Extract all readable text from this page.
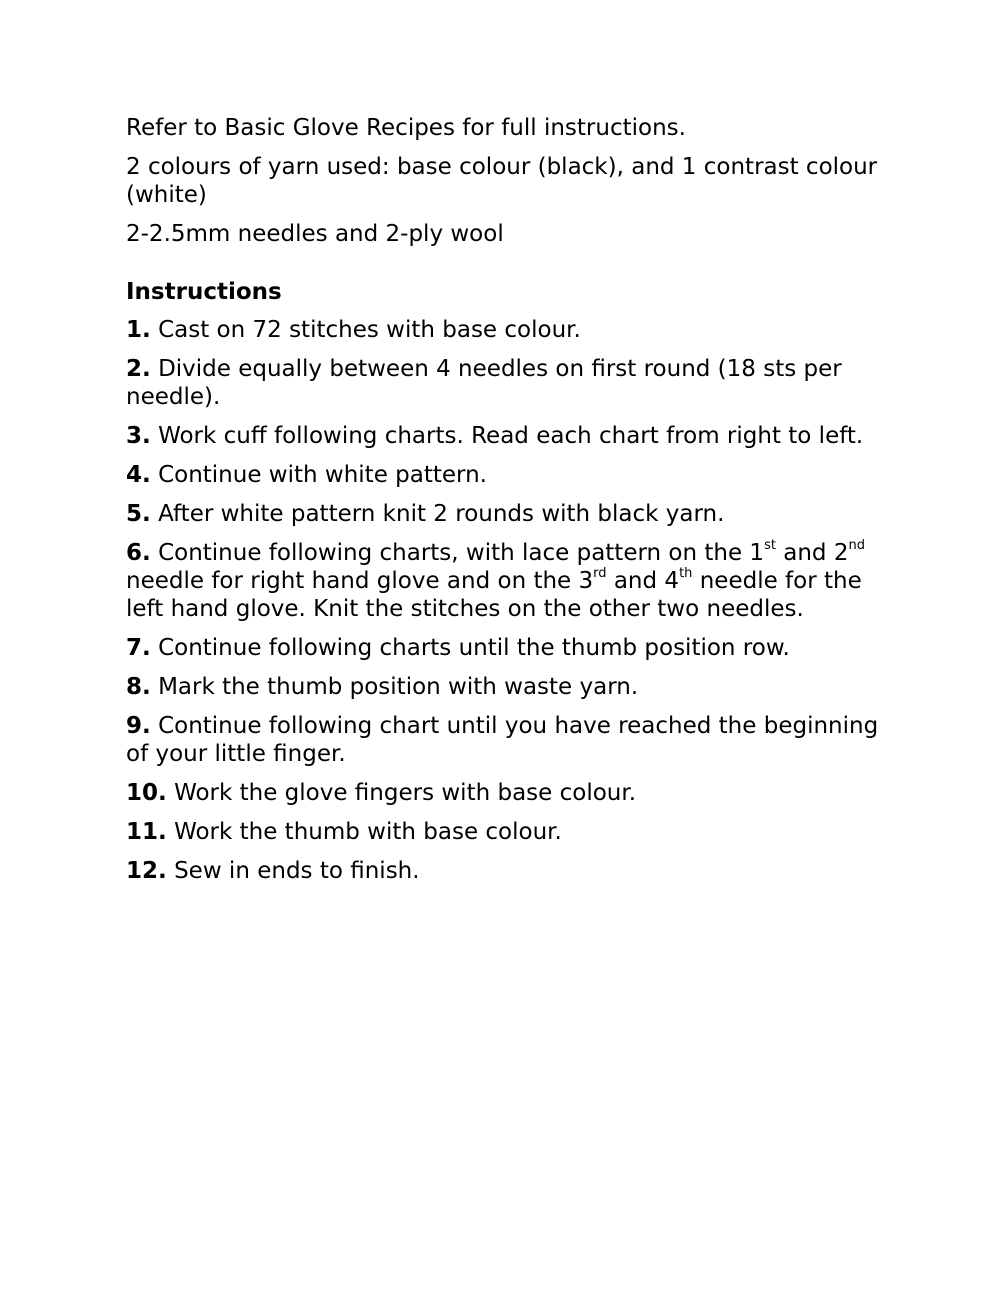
Refer to Basic Glove Recipes for full instructions.

2 colours of yarn used: base colour (black), and 1 contrast colour (white)

2-2.5mm needles and 2-ply wool

Instructions

1. Cast on 72 stitches with base colour.

2. Divide equally between 4 needles on first round (18 sts per needle).

3. Work cuff following charts. Read each chart from right to left.

4. Continue with white pattern.

5. After white pattern knit 2 rounds with black yarn.

6. Continue following charts, with lace pattern on the 1st and 2nd needle for right hand glove and on the 3rd and 4th needle for the left hand glove. Knit the stitches on the other two needles.

7. Continue following charts until the thumb position row.

8. Mark the thumb position with waste yarn.

9. Continue following chart until you have reached the beginning of your little finger.

10. Work the glove fingers with base colour.

11. Work the thumb with base colour.

12. Sew in ends to finish.
